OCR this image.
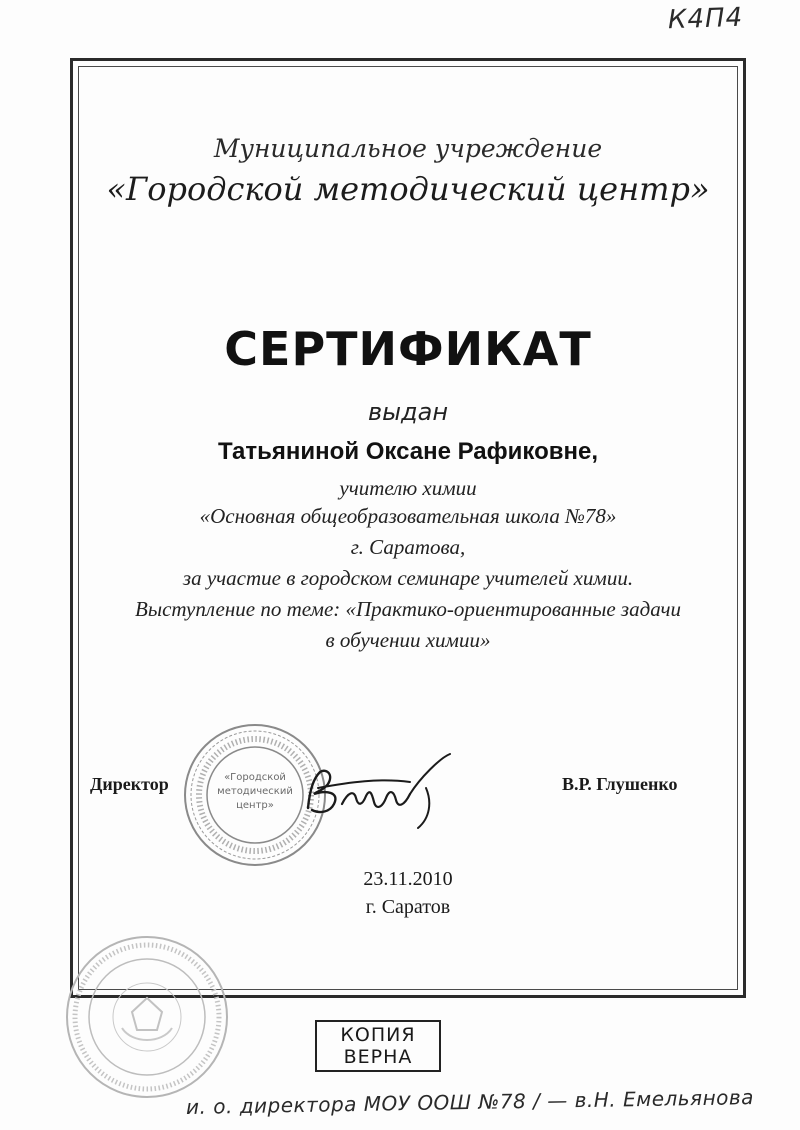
К4П4
Муниципальное учреждение
«Городской методический центр»
СЕРТИФИКАТ
выдан
Татьяниной Оксане Рафиковне,
учителю химии
«Основная общеобразовательная школа №78»
г. Саратова,
за участие в городском семинаре учителей химии.
Выступление по теме: «Практико-ориентированные задачи
в обучении химии»
«Городской
методический
центр»
Директор	В.Р. Глушенко
23.11.2010
г. Саратов
КОПИЯ
ВЕРНА
и. о. директора МОУ ООШ №78 / — в.Н. Емельянова
